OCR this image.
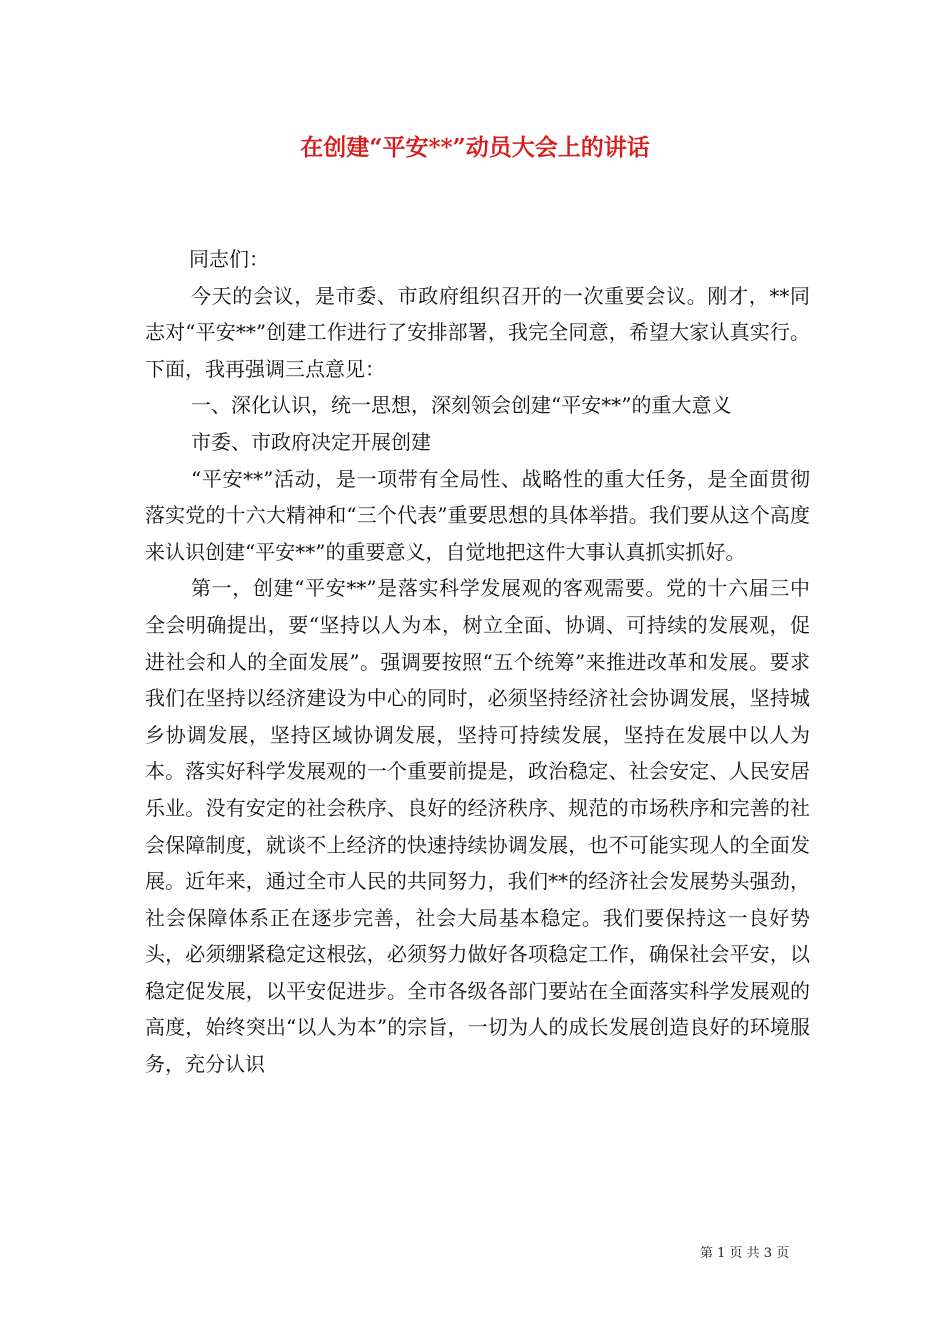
在创建“平安**”动员大会上的讲话

同志们：

今天的会议，是市委、市政府组织召开的一次重要会议。刚才，**同志对“平安**”创建工作进行了安排部署，我完全同意，希望大家认真实行。下面，我再强调三点意见：

一、深化认识，统一思想，深刻领会创建“平安**”的重大意义

市委、市政府决定开展创建

“平安**”活动，是一项带有全局性、战略性的重大任务，是全面贯彻落实党的十六大精神和“三个代表”重要思想的具体举措。我们要从这个高度来认识创建“平安**”的重要意义，自觉地把这件大事认真抓实抓好。

第一，创建“平安**”是落实科学发展观的客观需要。党的十六届三中全会明确提出，要“坚持以人为本，树立全面、协调、可持续的发展观，促进社会和人的全面发展”。强调要按照“五个统筹”来推进改革和发展。要求我们在坚持以经济建设为中心的同时，必须坚持经济社会协调发展，坚持城乡协调发展，坚持区域协调发展，坚持可持续发展，坚持在发展中以人为本。落实好科学发展观的一个重要前提是，政治稳定、社会安定、人民安居乐业。没有安定的社会秩序、良好的经济秩序、规范的市场秩序和完善的社会保障制度，就谈不上经济的快速持续协调发展，也不可能实现人的全面发展。近年来，通过全市人民的共同努力，我们**的经济社会发展势头强劲，社会保障体系正在逐步完善，社会大局基本稳定。我们要保持这一良好势头，必须绷紧稳定这根弦，必须努力做好各项稳定工作，确保社会平安，以稳定促发展，以平安促进步。全市各级各部门要站在全面落实科学发展观的高度，始终突出“以人为本”的宗旨，一切为人的成长发展创造良好的环境服务，充分认识

第 1 页 共 3 页
